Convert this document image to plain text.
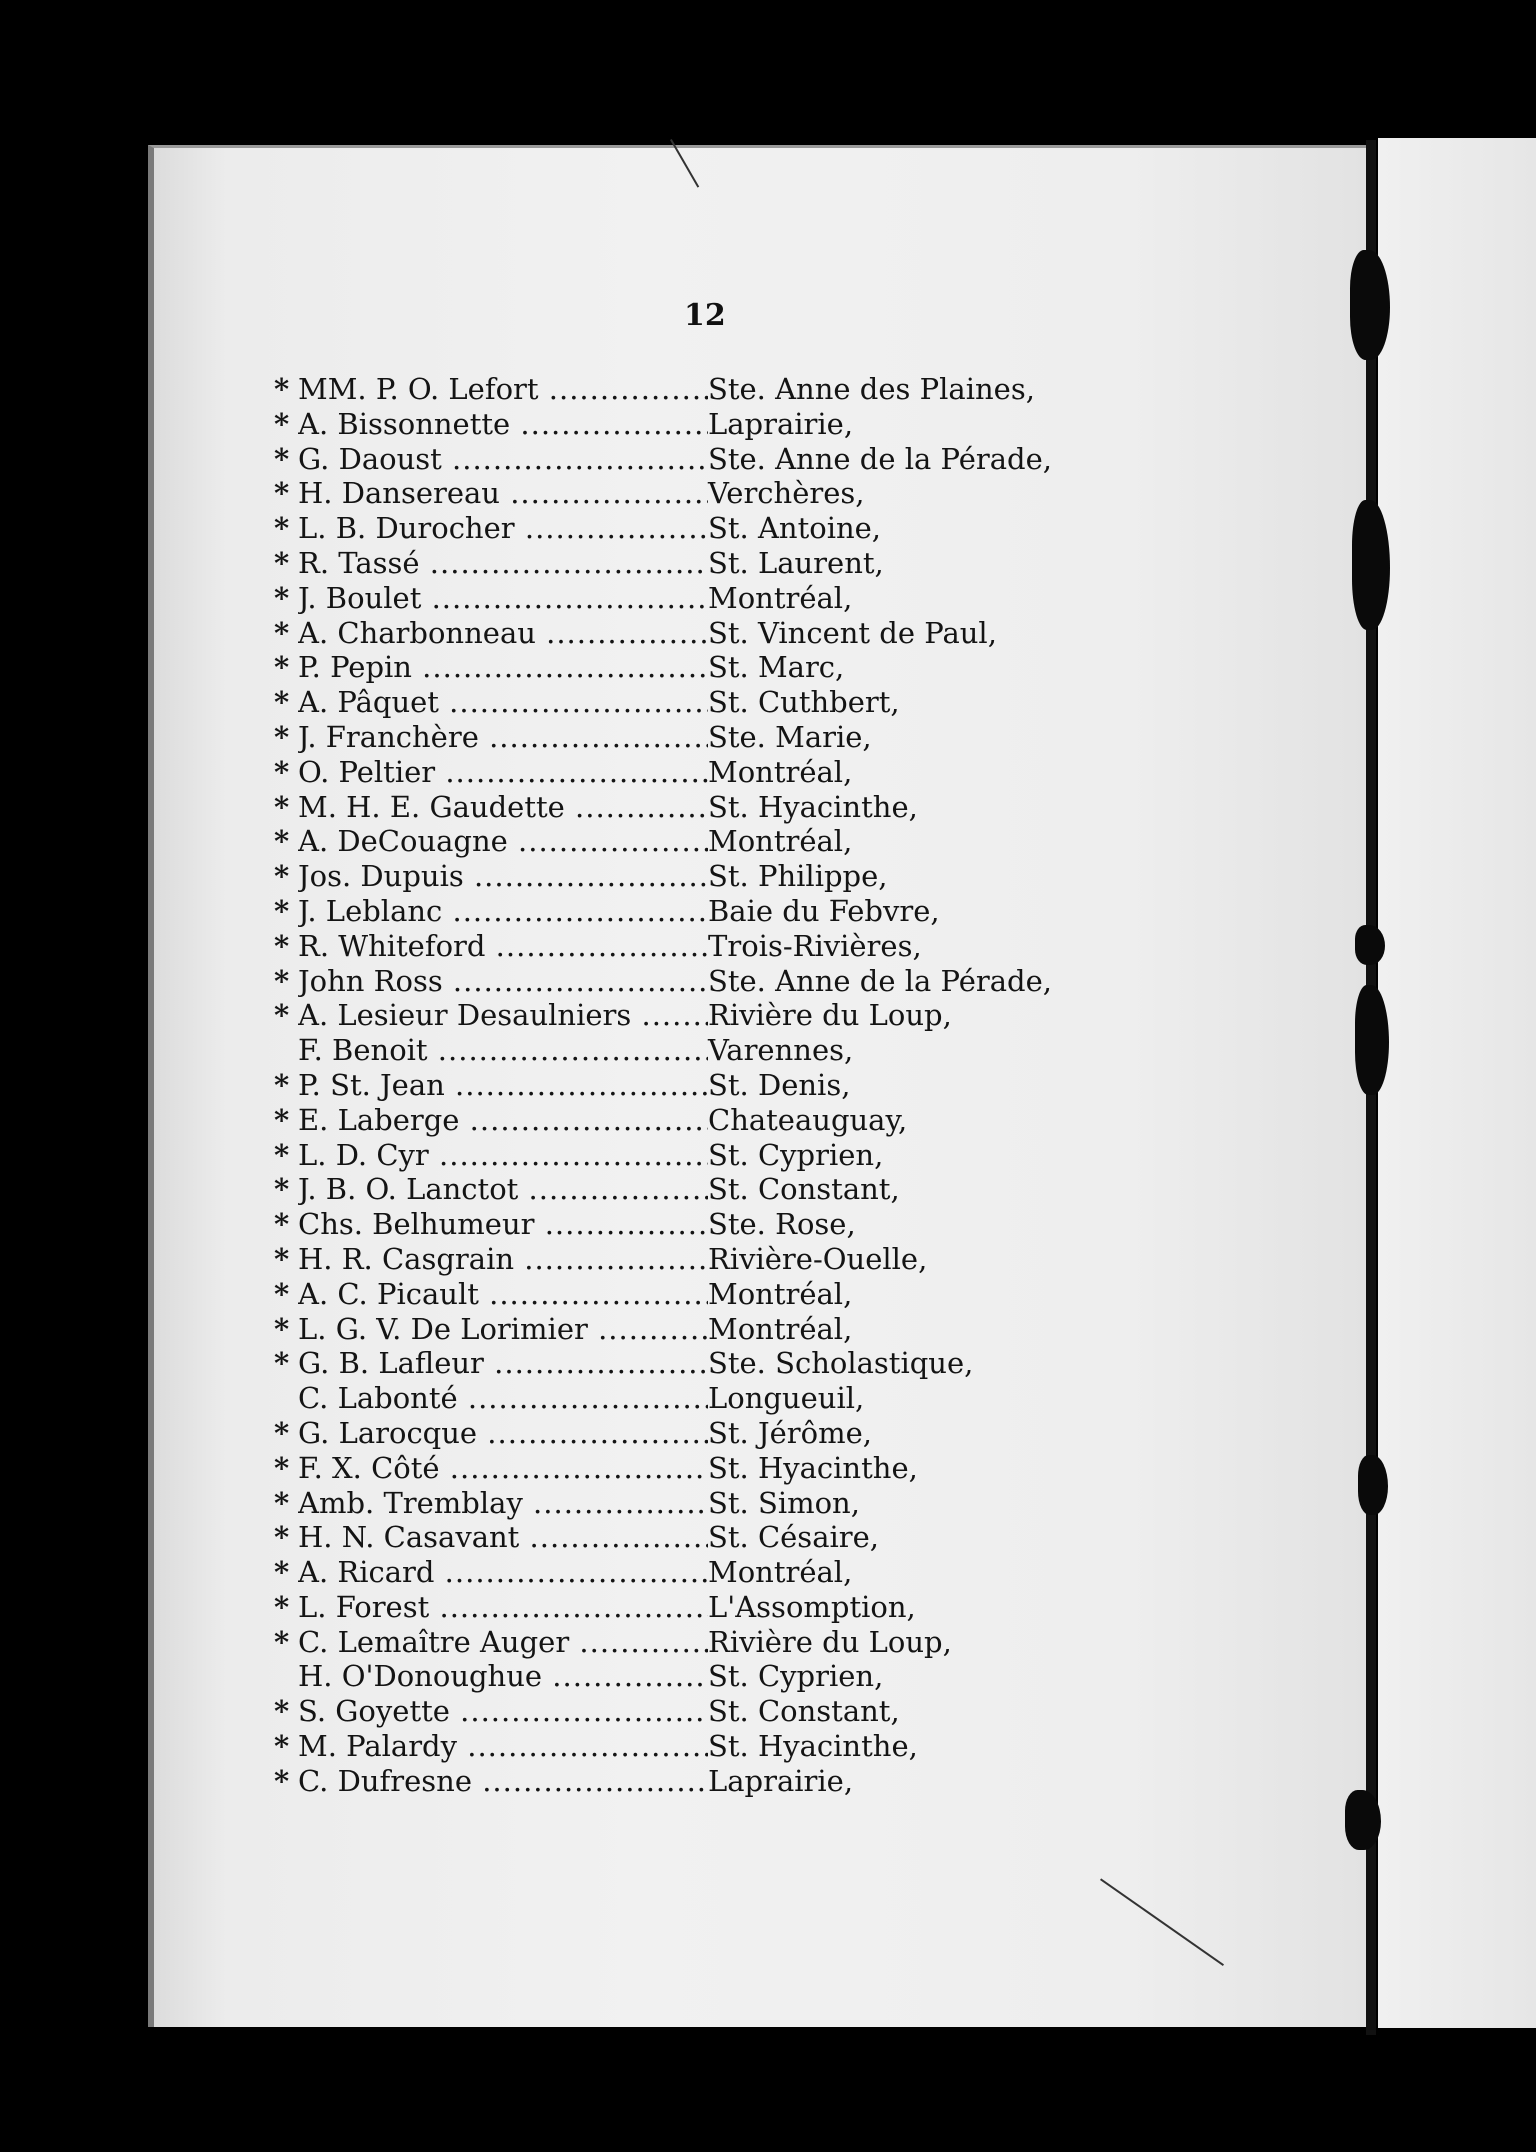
12
* MM. P. O. Lefort .....	Ste. Anne des Plaines,
* A. Bissonnette .....	Laprairie,
* G. Daoust .....	Ste. Anne de la Pérade,
* H. Dansereau .....	Verchères,
* L. B. Durocher .....	St. Antoine,
* R. Tassé .....	St. Laurent,
* J. Boulet .....	Montréal,
* A. Charbonneau .....	St. Vincent de Paul,
* P. Pepin .....	St. Marc,
* A. Pâquet .....	St. Cuthbert,
* J. Franchère .....	Ste. Marie,
* O. Peltier .....	Montréal,
* M. H. E. Gaudette .....	St. Hyacinthe,
* A. DeCouagne .....	Montréal,
* Jos. Dupuis .....	St. Philippe,
* J. Leblanc .....	Baie du Febvre,
* R. Whiteford .....	Trois-Rivières,
* John Ross .....	Ste. Anne de la Pérade,
* A. Lesieur Desaulniers .....	Rivière du Loup,
F. Benoit .....	Varennes,
* P. St. Jean .....	St. Denis,
* E. Laberge .....	Chateauguay,
* L. D. Cyr .....	St. Cyprien,
* J. B. O. Lanctot .....	St. Constant,
* Chs. Belhumeur .....	Ste. Rose,
* H. R. Casgrain .....	Rivière-Ouelle,
* A. C. Picault .....	Montréal,
* L. G. V. De Lorimier .....	Montréal,
* G. B. Lafleur .....	Ste. Scholastique,
C. Labonté .....	Longueuil,
* G. Larocque .....	St. Jérôme,
* F. X. Côté .....	St. Hyacinthe,
* Amb. Tremblay .....	St. Simon,
* H. N. Casavant .....	St. Césaire,
* A. Ricard .....	Montréal,
* L. Forest .....	L'Assomption,
* C. Lemaître Auger .....	Rivière du Loup,
H. O'Donoughue .....	St. Cyprien,
* S. Goyette .....	St. Constant,
* M. Palardy .....	St. Hyacinthe,
* C. Dufresne .....	Laprairie,
